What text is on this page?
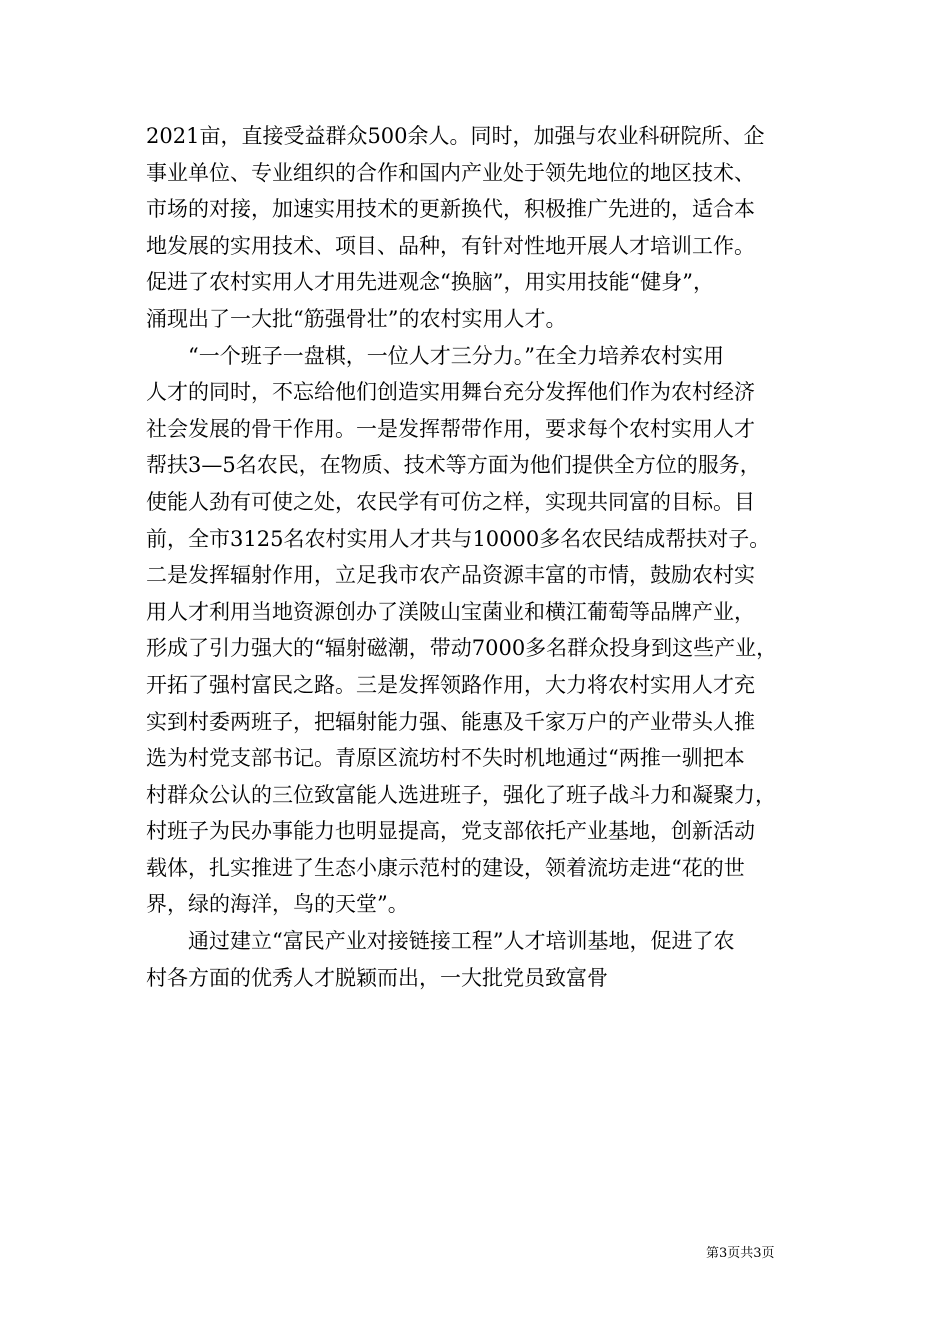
2021亩，直接受益群众500余人。同时，加强与农业科研院所、企
事业单位、专业组织的合作和国内产业处于领先地位的地区技术、
市场的对接，加速实用技术的更新换代，积极推广先进的，适合本
地发展的实用技术、项目、品种，有针对性地开展人才培训工作。
促进了农村实用人才用先进观念“换脑”，用实用技能“健身”，
涌现出了一大批“筋强骨壮”的农村实用人才。
　　“一个班子一盘棋，一位人才三分力。”在全力培养农村实用
人才的同时，不忘给他们创造实用舞台充分发挥他们作为农村经济
社会发展的骨干作用。一是发挥帮带作用，要求每个农村实用人才
帮扶3—5名农民，在物质、技术等方面为他们提供全方位的服务，
使能人劲有可使之处，农民学有可仿之样，实现共同富的目标。目
前，全市3125名农村实用人才共与10000多名农民结成帮扶对子。
二是发挥辐射作用，立足我市农产品资源丰富的市情，鼓励农村实
用人才利用当地资源创办了渼陂山宝菌业和横江葡萄等品牌产业，
形成了引力强大的“辐射磁潮，带动7000多名群众投身到这些产业，
开拓了强村富民之路。三是发挥领路作用，大力将农村实用人才充
实到村委两班子，把辐射能力强、能惠及千家万户的产业带头人推
选为村党支部书记。青原区流坊村不失时机地通过“两推一驯把本
村群众公认的三位致富能人选进班子，强化了班子战斗力和凝聚力，
村班子为民办事能力也明显提高，党支部依托产业基地，创新活动
载体，扎实推进了生态小康示范村的建设，领着流坊走进“花的世
界，绿的海洋，鸟的天堂”。
　　通过建立“富民产业对接链接工程”人才培训基地，促进了农
村各方面的优秀人才脱颖而出，一大批党员致富骨
第3页共3页
